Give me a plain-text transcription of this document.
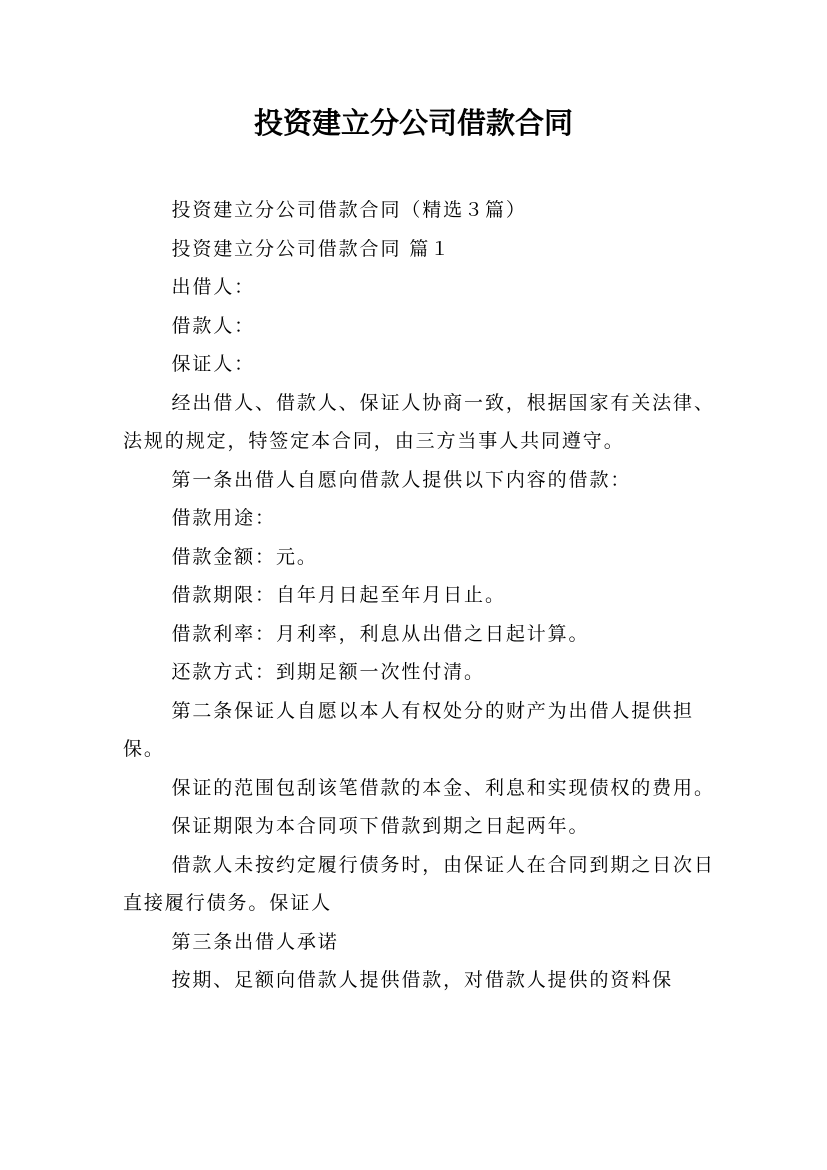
投资建立分公司借款合同

投资建立分公司借款合同（精选３篇）

投资建立分公司借款合同 篇１

出借人：

借款人：

保证人：

经出借人、借款人、保证人协商一致，根据国家有关法律、法规的规定，特签定本合同，由三方当事人共同遵守。

第一条出借人自愿向借款人提供以下内容的借款：

借款用途：

借款金额：元。

借款期限：自年月日起至年月日止。

借款利率：月利率，利息从出借之日起计算。

还款方式：到期足额一次性付清。

第二条保证人自愿以本人有权处分的财产为出借人提供担保。

保证的范围包刮该笔借款的本金、利息和实现债权的费用。

保证期限为本合同项下借款到期之日起两年。

借款人未按约定履行债务时，由保证人在合同到期之日次日直接履行债务。保证人

第三条出借人承诺

按期、足额向借款人提供借款，对借款人提供的资料保
